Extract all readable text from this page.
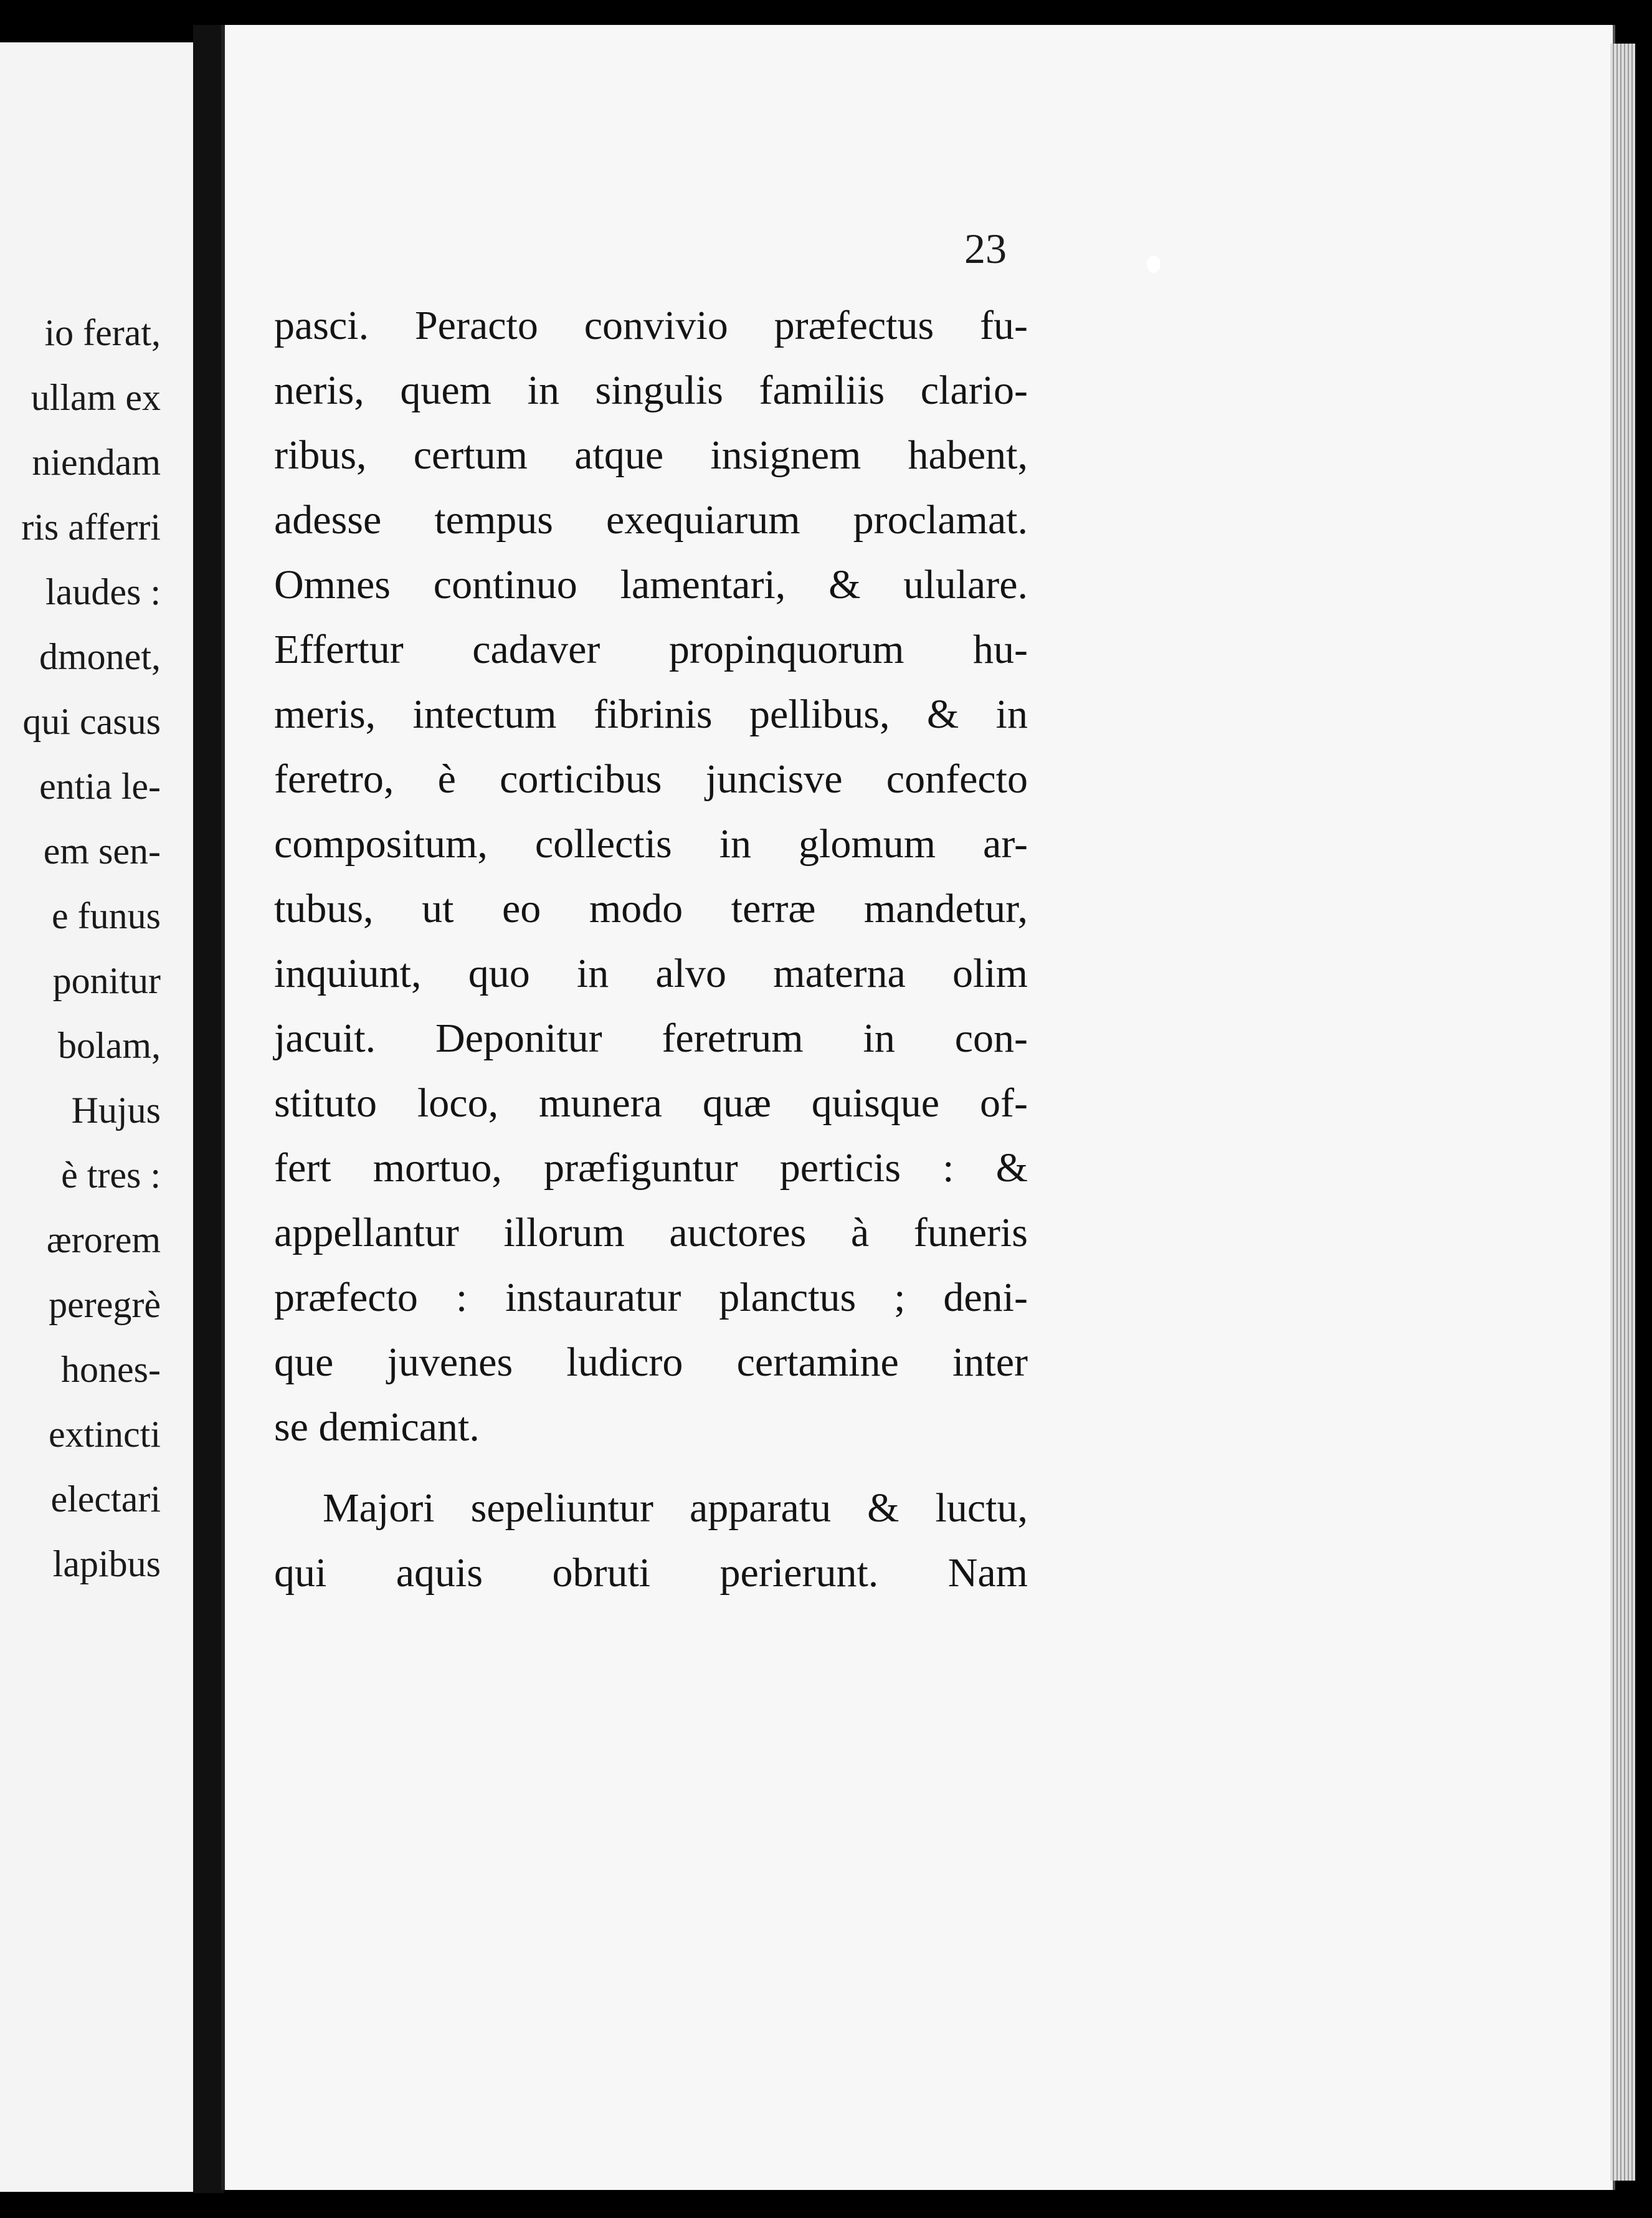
io ferat,
ullam ex
niendam
ris afferri
laudes :
dmonet,
qui casus
entia le-
em sen-
e funus
ponitur
bolam,
Hujus
è tres :
ærorem
peregrè
hones-
extincti
electari
lapibus
23
pasci. Peracto convivio præfectus fu-
neris, quem in singulis familiis clario-
ribus, certum atque insignem habent,
adesse tempus exequiarum proclamat.
Omnes continuo lamentari, & ululare.
Effertur cadaver propinquorum hu-
meris, intectum fibrinis pellibus, & in
feretro, è corticibus juncisve confecto
compositum, collectis in glomum ar-
tubus, ut eo modo terræ mandetur,
inquiunt, quo in alvo materna olim
jacuit. Deponitur feretrum in con-
stituto loco, munera quæ quisque of-
fert mortuo, præfiguntur perticis : &
appellantur illorum auctores à funeris
præfecto : instauratur planctus ; deni-
que juvenes ludicro certamine inter
se demicant.
Majori sepeliuntur apparatu & luctu,
qui aquis obruti perierunt. Nam
